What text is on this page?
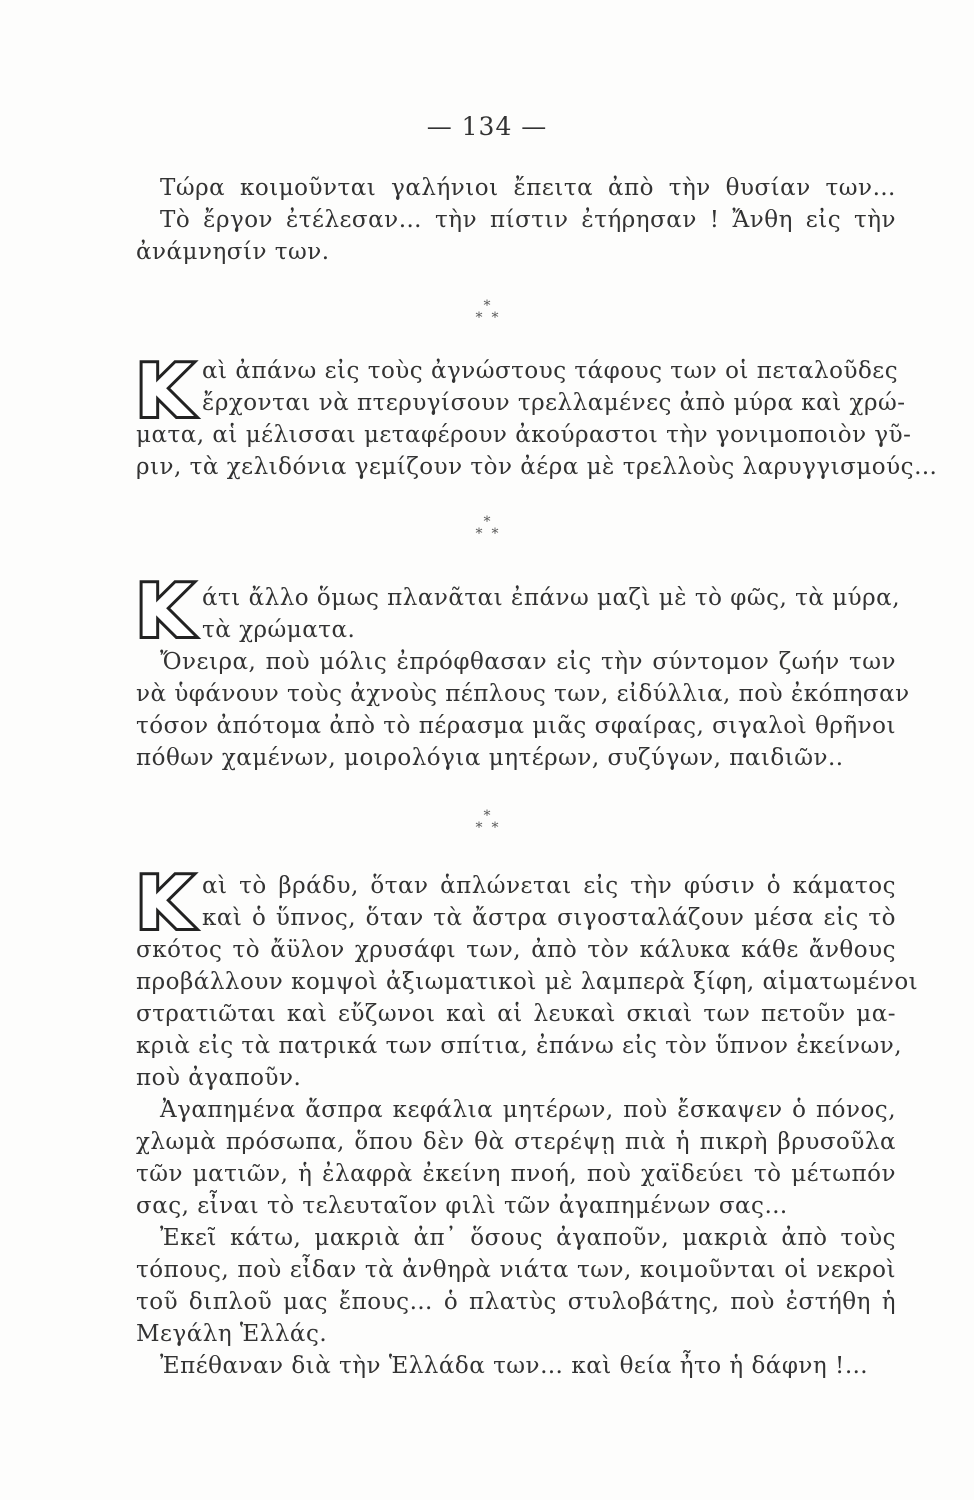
— 134 —
Τώρα κοιμοῦνται γαλήνιοι ἔπειτα ἀπὸ τὴν θυσίαν των…
Τὸ ἔργον ἐτέλεσαν… τὴν πίστιν ἐτήρησαν ! Ἄνθη εἰς τὴν
ἀνάμνησίν των.
*
*  *
K αὶ ἀπάνω εἰς τοὺς ἀγνώστους τάφους των οἱ πεταλοῦδες
ἔρχονται νὰ πτερυγίσουν τρελλαμένες ἀπὸ μύρα καὶ χρώ-
ματα, αἱ μέλισσαι μεταφέρουν ἀκούραστοι τὴν γονιμοποιὸν γῦ-
ριν, τὰ χελιδόνια γεμίζουν τὸν ἀέρα μὲ τρελλοὺς λαρυγγισμούς…
*
*  *
K άτι ἄλλο ὅμως πλανᾶται ἐπάνω μαζὶ μὲ τὸ φῶς, τὰ μύρα,
τὰ χρώματα.
Ὄνειρα, ποὺ μόλις ἐπρόφθασαν εἰς τὴν σύντομον ζωήν των
νὰ ὑφάνουν τοὺς ἀχνοὺς πέπλους των, εἰδύλλια, ποὺ ἐκόπησαν
τόσον ἀπότομα ἀπὸ τὸ πέρασμα μιᾶς σφαίρας, σιγαλοὶ θρῆνοι
πόθων χαμένων, μοιρολόγια μητέρων, συζύγων, παιδιῶν..
*
*  *
K αὶ τὸ βράδυ, ὅταν ἁπλώνεται εἰς τὴν φύσιν ὁ κάματος
καὶ ὁ ὕπνος, ὅταν τὰ ἄστρα σιγοσταλάζουν μέσα εἰς τὸ
σκότος τὸ ἄϋλον χρυσάφι των, ἀπὸ τὸν κάλυκα κάθε ἄνθους
προβάλλουν κομψοὶ ἀξιωματικοὶ μὲ λαμπερὰ ξίφη, αἱματωμένοι
στρατιῶται καὶ εὔζωνοι καὶ αἱ λευκαὶ σκιαὶ των πετοῦν μα-
κριὰ εἰς τὰ πατρικά των σπίτια, ἐπάνω εἰς τὸν ὕπνον ἐκείνων,
ποὺ ἀγαποῦν.
Ἀγαπημένα ἄσπρα κεφάλια μητέρων, ποὺ ἔσκαψεν ὁ πόνος,
χλωμὰ πρόσωπα, ὅπου δὲν θὰ στερέψῃ πιὰ ἡ πικρὴ βρυσοῦλα
τῶν ματιῶν, ἡ ἐλαφρὰ ἐκείνη πνοή, ποὺ χαϊδεύει τὸ μέτωπόν
σας, εἶναι τὸ τελευταῖον φιλὶ τῶν ἀγαπημένων σας…
Ἐκεῖ κάτω, μακριὰ ἀπ᾽ ὅσους ἀγαποῦν, μακριὰ ἀπὸ τοὺς
τόπους, ποὺ εἶδαν τὰ ἀνθηρὰ νιάτα των, κοιμοῦνται οἱ νεκροὶ
τοῦ διπλοῦ μας ἔπους… ὁ πλατὺς στυλοβάτης, ποὺ ἐστήθη ἡ
Μεγάλη Ἑλλάς.
Ἐπέθαναν διὰ τὴν Ἑλλάδα των… καὶ θεία ἦτο ἡ δάφνη !…
